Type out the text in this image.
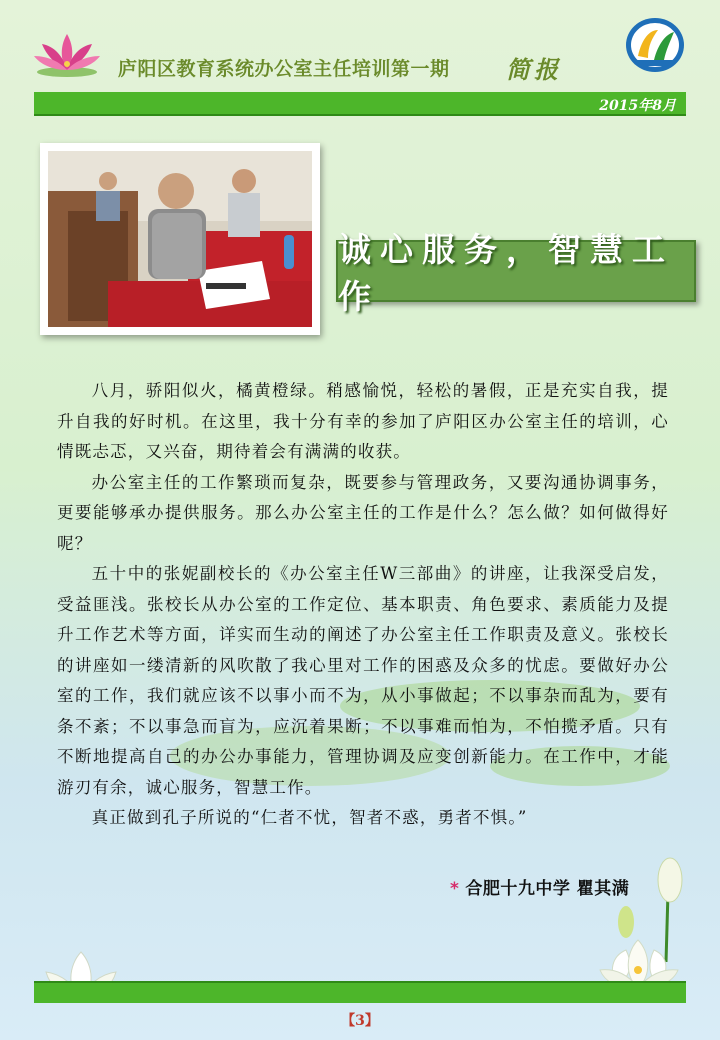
庐阳区教育系统办公室主任培训第一期 简报
2015年8月
诚心服务，智慧工作

八月，骄阳似火，橘黄橙绿。稍感愉悦，轻松的暑假，正是充实自我，提升自我的好时机。在这里，我十分有幸的参加了庐阳区办公室主任的培训，心情既忐忑，又兴奋，期待着会有满满的收获。

办公室主任的工作繁琐而复杂，既要参与管理政务，又要沟通协调事务，更要能够承办提供服务。那么办公室主任的工作是什么？怎么做？如何做得好呢？

五十中的张妮副校长的《办公室主任W三部曲》的讲座，让我深受启发，受益匪浅。张校长从办公室的工作定位、基本职责、角色要求、素质能力及提升工作艺术等方面，详实而生动的阐述了办公室主任工作职责及意义。张校长的讲座如一缕清新的风吹散了我心里对工作的困惑及众多的忧虑。要做好办公室的工作，我们就应该不以事小而不为，从小事做起；不以事杂而乱为，要有条不紊；不以事急而盲为，应沉着果断；不以事难而怕为，不怕揽矛盾。只有不断地提高自己的办公办事能力，管理协调及应变创新能力。在工作中，才能游刃有余，诚心服务，智慧工作。

真正做到孔子所说的“仁者不忧，智者不惑，勇者不惧。”

* 合肥十九中学 瞿其满
【3】
